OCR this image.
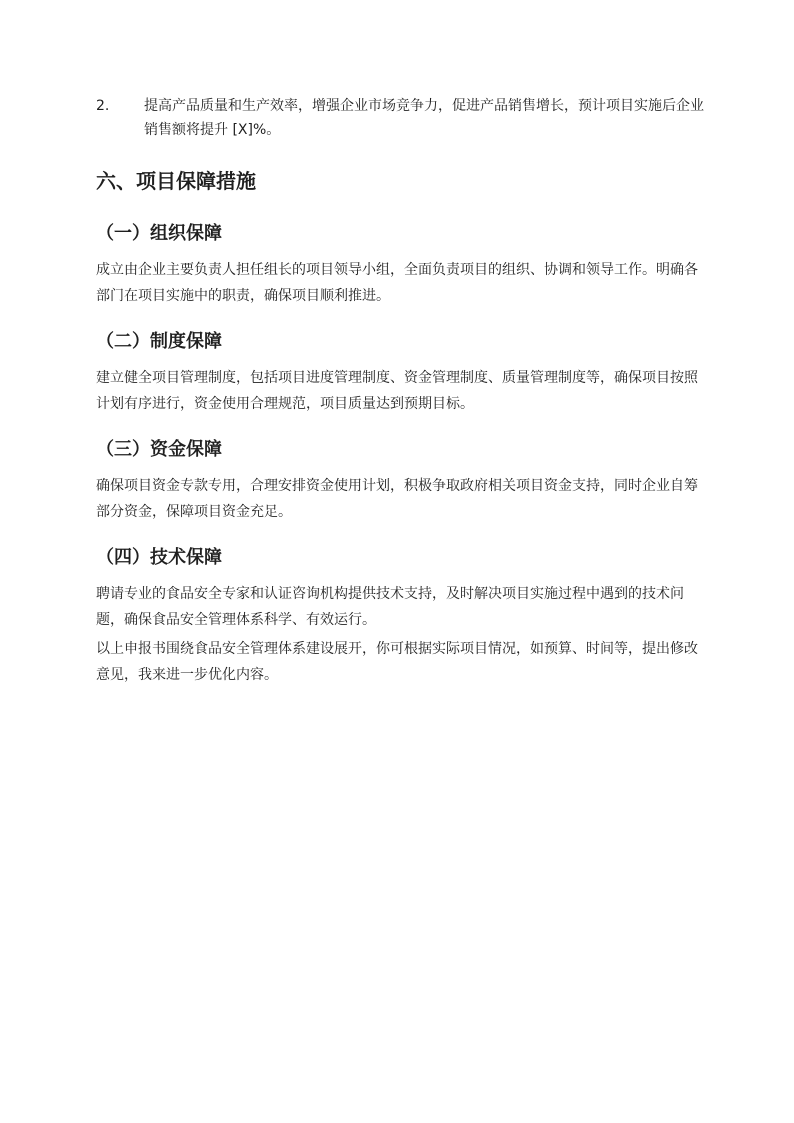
2.	提高产品质量和生产效率，增强企业市场竞争力，促进产品销售增长，预计项目实施后企业销售额将提升 [X]%。
六、项目保障措施
（一）组织保障
成立由企业主要负责人担任组长的项目领导小组，全面负责项目的组织、协调和领导工作。明确各部门在项目实施中的职责，确保项目顺利推进。
（二）制度保障
建立健全项目管理制度，包括项目进度管理制度、资金管理制度、质量管理制度等，确保项目按照计划有序进行，资金使用合理规范，项目质量达到预期目标。
（三）资金保障
确保项目资金专款专用，合理安排资金使用计划，积极争取政府相关项目资金支持，同时企业自筹部分资金，保障项目资金充足。
（四）技术保障
聘请专业的食品安全专家和认证咨询机构提供技术支持，及时解决项目实施过程中遇到的技术问题，确保食品安全管理体系科学、有效运行。
以上申报书围绕食品安全管理体系建设展开，你可根据实际项目情况，如预算、时间等，提出修改意见，我来进一步优化内容。
